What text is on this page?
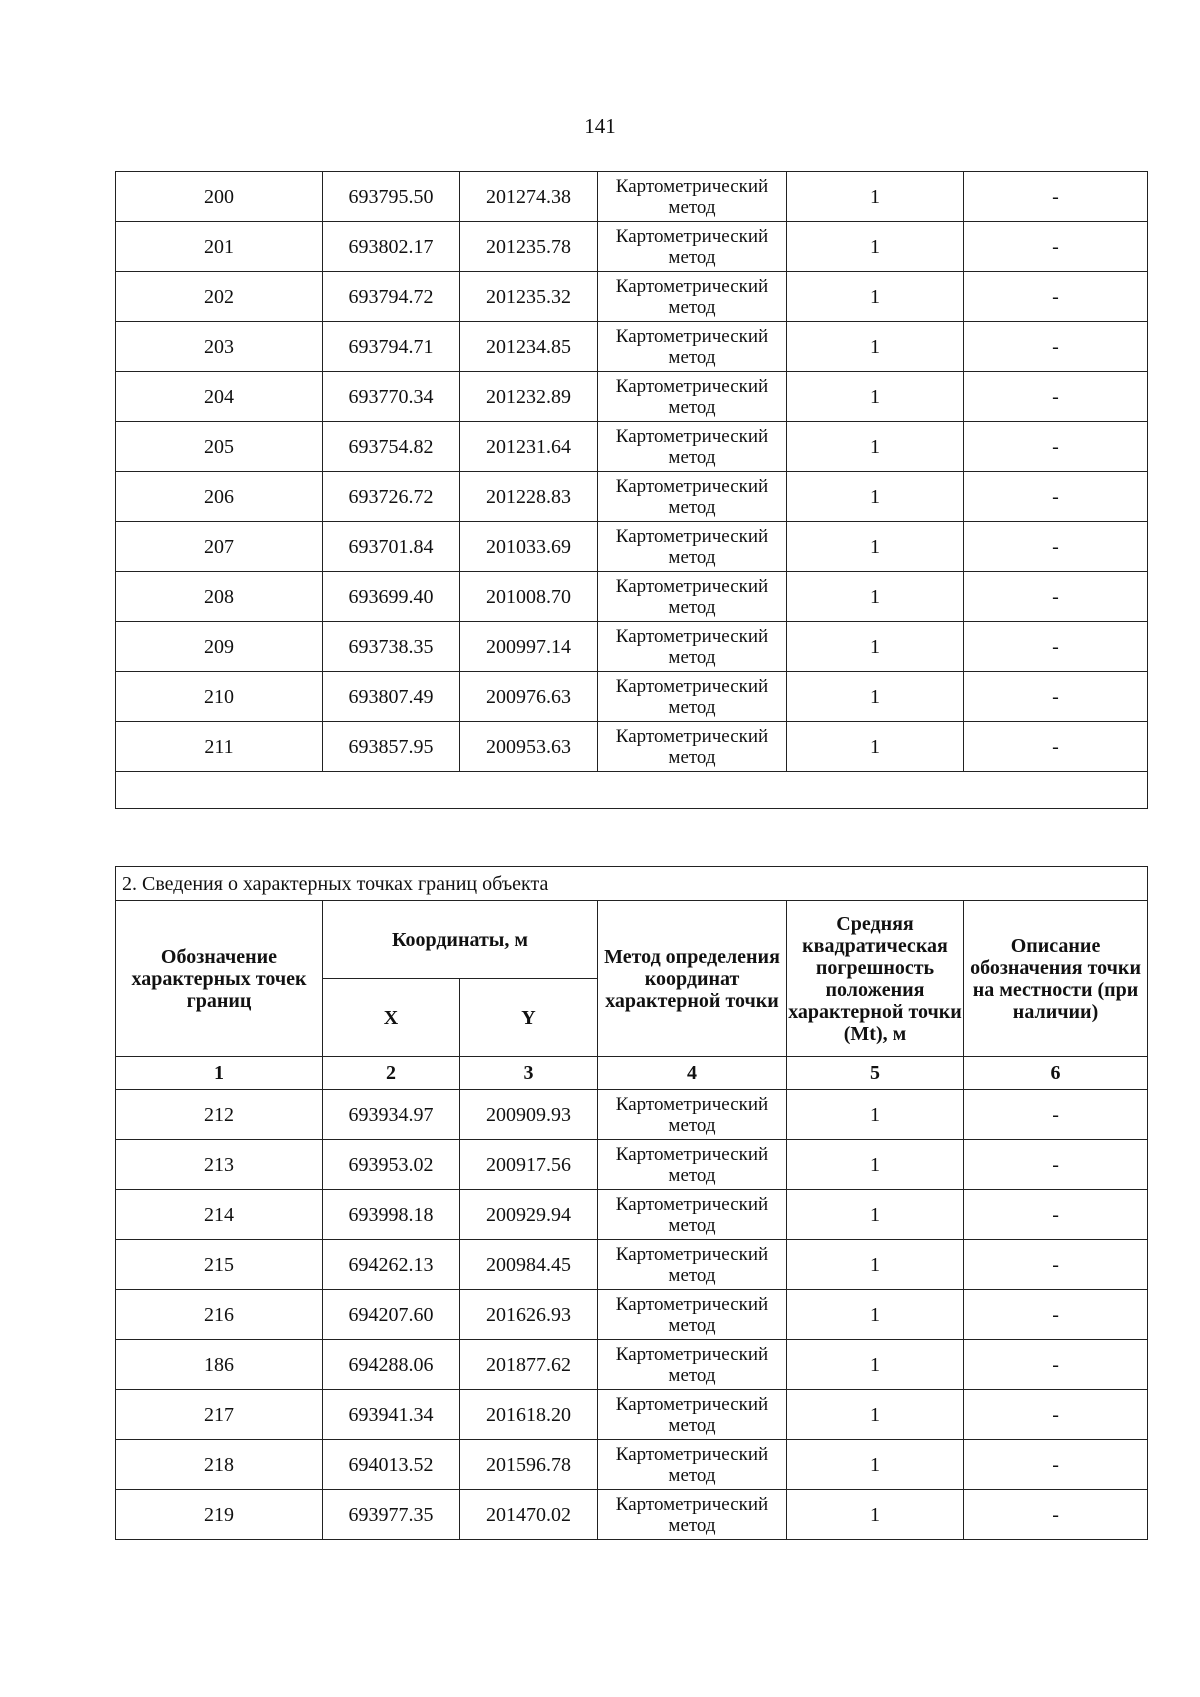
141
200	693795.50	201274.38	Картометрический метод	1	-
201	693802.17	201235.78	Картометрический метод	1	-
202	693794.72	201235.32	Картометрический метод	1	-
203	693794.71	201234.85	Картометрический метод	1	-
204	693770.34	201232.89	Картометрический метод	1	-
205	693754.82	201231.64	Картометрический метод	1	-
206	693726.72	201228.83	Картометрический метод	1	-
207	693701.84	201033.69	Картометрический метод	1	-
208	693699.40	201008.70	Картометрический метод	1	-
209	693738.35	200997.14	Картометрический метод	1	-
210	693807.49	200976.63	Картометрический метод	1	-
211	693857.95	200953.63	Картометрический метод	1	-

2. Сведения о характерных точках границ объекта					
Обозначение характерных точек границ	Координаты, м		Метод определения координат характерной точки	Средняя квадратическая погрешность положения характерной точки (Mt), м	Описание обозначения точки на местности (при наличии)
	X	Y			
1	2	3	4	5	6
212	693934.97	200909.93	Картометрический метод	1	-
213	693953.02	200917.56	Картометрический метод	1	-
214	693998.18	200929.94	Картометрический метод	1	-
215	694262.13	200984.45	Картометрический метод	1	-
216	694207.60	201626.93	Картометрический метод	1	-
186	694288.06	201877.62	Картометрический метод	1	-
217	693941.34	201618.20	Картометрический метод	1	-
218	694013.52	201596.78	Картометрический метод	1	-
219	693977.35	201470.02	Картометрический метод	1	-
